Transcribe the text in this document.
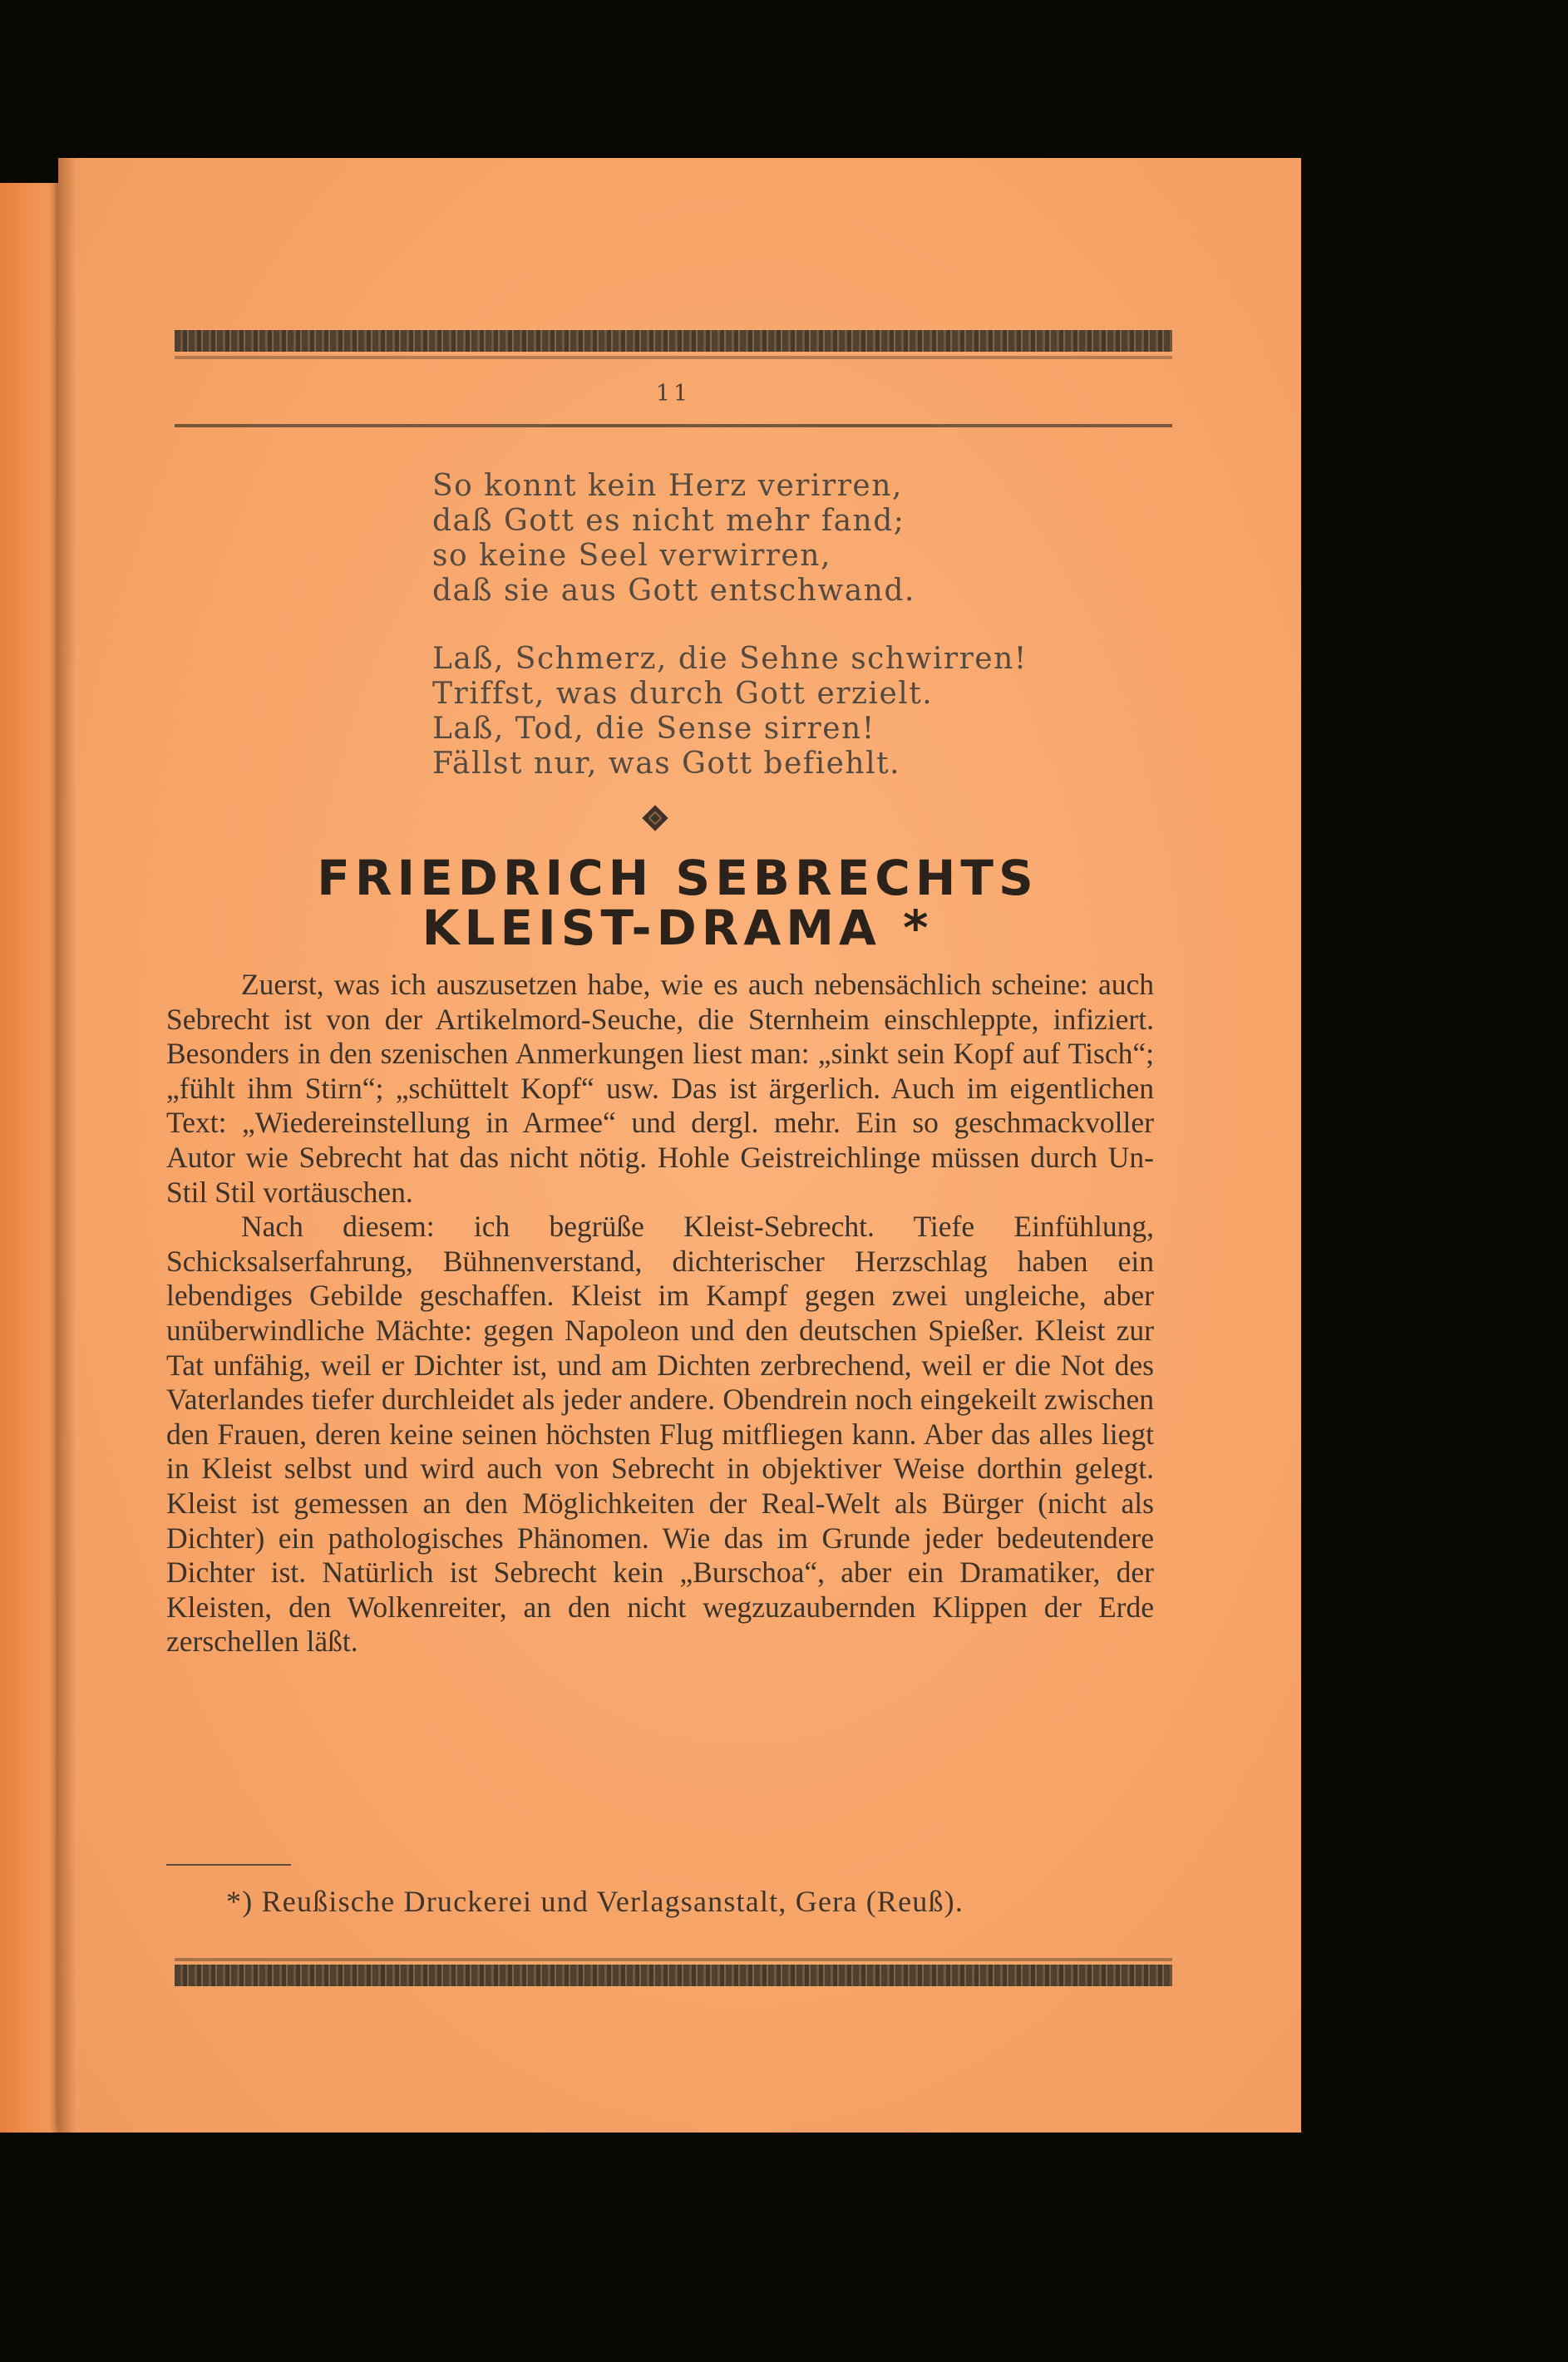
11
So konnt kein Herz verirren,
daß Gott es nicht mehr fand;
so keine Seel verwirren,
daß sie aus Gott entschwand.
Laß, Schmerz, die Sehne schwirren!
Triffst, was durch Gott erzielt.
Laß, Tod, die Sense sirren!
Fällst nur, was Gott befiehlt.
FRIEDRICH SEBRECHTS
KLEIST-DRAMA *

Zuerst, was ich auszusetzen habe, wie es auch nebensächlich scheine: auch Sebrecht ist von der Artikelmord-Seuche, die Sternheim einschleppte, infiziert. Besonders in den szenischen Anmerkungen liest man: „sinkt sein Kopf auf Tisch“; „fühlt ihm Stirn“; „schüttelt Kopf“ usw. Das ist ärgerlich. Auch im eigentlichen Text: „Wiedereinstellung in Armee“ und dergl. mehr. Ein so geschmackvoller Autor wie Sebrecht hat das nicht nötig. Hohle Geistreichlinge müssen durch Un-Stil Stil vortäuschen.

Nach diesem: ich begrüße Kleist-Sebrecht. Tiefe Einfühlung, Schicksalserfahrung, Bühnenverstand, dichterischer Herzschlag haben ein lebendiges Gebilde geschaffen. Kleist im Kampf gegen zwei ungleiche, aber unüberwindliche Mächte: gegen Napoleon und den deutschen Spießer. Kleist zur Tat unfähig, weil er Dichter ist, und am Dichten zerbrechend, weil er die Not des Vaterlandes tiefer durchleidet als jeder andere. Obendrein noch eingekeilt zwischen den Frauen, deren keine seinen höchsten Flug mitfliegen kann. Aber das alles liegt in Kleist selbst und wird auch von Sebrecht in objektiver Weise dorthin gelegt. Kleist ist gemessen an den Möglichkeiten der Real-Welt als Bürger (nicht als Dichter) ein pathologisches Phänomen. Wie das im Grunde jeder bedeutendere Dichter ist. Natürlich ist Sebrecht kein „Burschoa“, aber ein Dramatiker, der Kleisten, den Wolkenreiter, an den nicht wegzuzaubernden Klippen der Erde zerschellen läßt.

*) Reußische Druckerei und Verlagsanstalt, Gera (Reuß).
